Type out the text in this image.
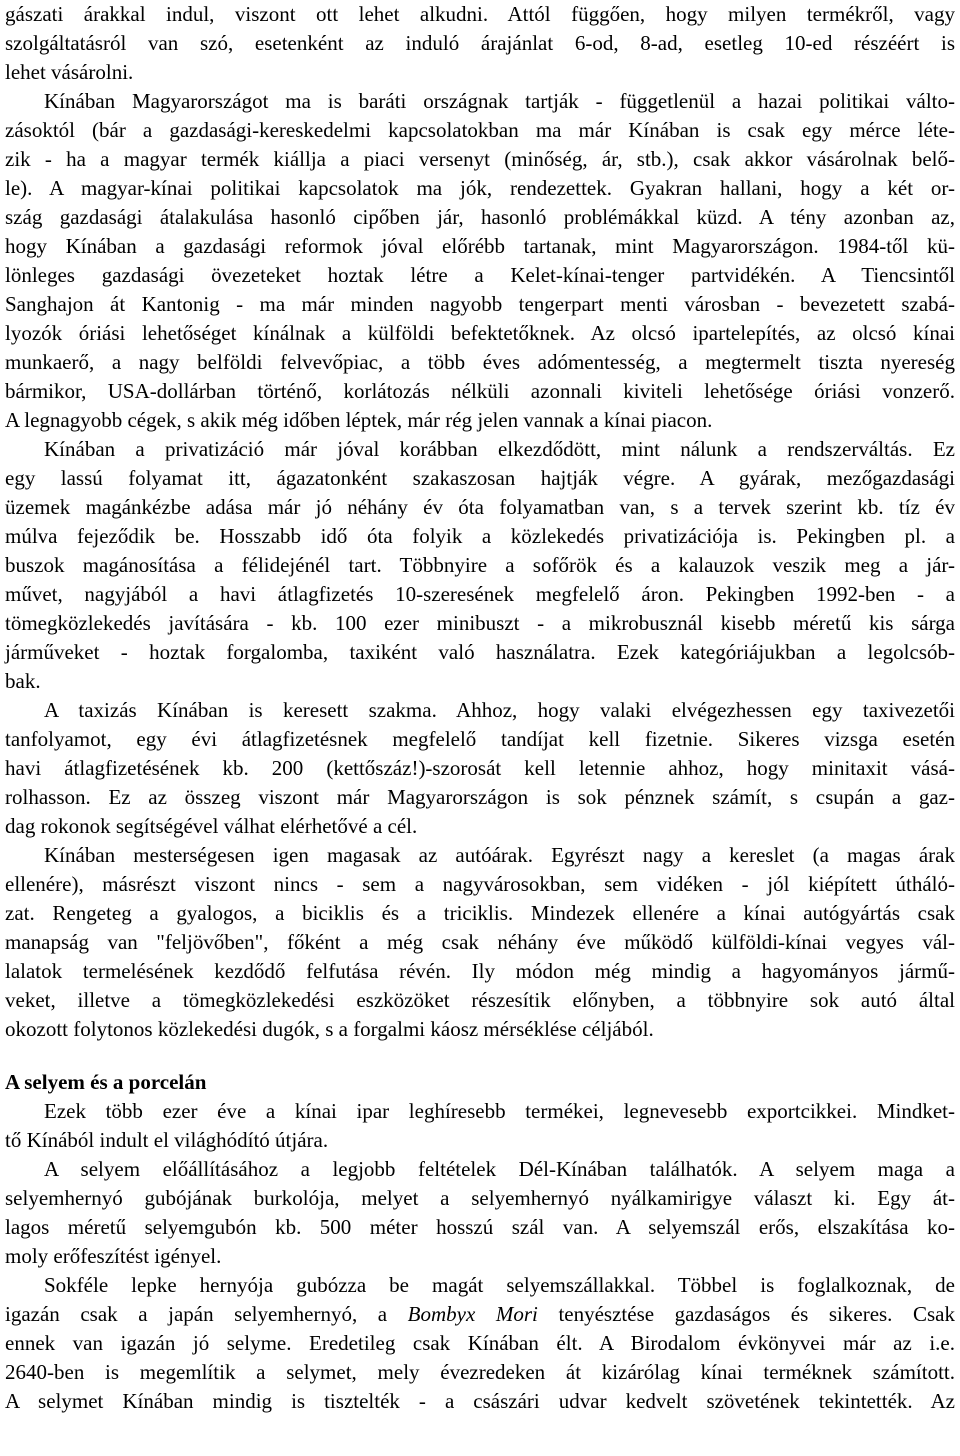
gászati árakkal indul, viszont ott lehet alkudni. Attól függően, hogy milyen termékről, vagy
szolgáltatásról van szó, esetenként az induló árajánlat 6-od, 8-ad, esetleg 10-ed részéért is
lehet vásárolni.
Kínában Magyarországot ma is baráti országnak tartják - függetlenül a hazai politikai válto-
zásoktól (bár a gazdasági-kereskedelmi kapcsolatokban ma már Kínában is csak egy mérce léte-
zik - ha a magyar termék kiállja a piaci versenyt (minőség, ár, stb.), csak akkor vásárolnak belő-
le). A magyar-kínai politikai kapcsolatok ma jók, rendezettek. Gyakran hallani, hogy a két or-
szág gazdasági átalakulása hasonló cipőben jár, hasonló problémákkal küzd. A tény azonban az,
hogy Kínában a gazdasági reformok jóval előrébb tartanak, mint Magyarországon. 1984-től kü-
lönleges gazdasági övezeteket hoztak létre a Kelet-kínai-tenger partvidékén. A Tiencsintől
Sanghajon át Kantonig - ma már minden nagyobb tengerpart menti városban - bevezetett szabá-
lyozók óriási lehetőséget kínálnak a külföldi befektetőknek. Az olcsó ipartelepítés, az olcsó kínai
munkaerő, a nagy belföldi felvevőpiac, a több éves adómentesség, a megtermelt tiszta nyereség
bármikor, USA-dollárban történő, korlátozás nélküli azonnali kiviteli lehetősége óriási vonzerő.
A legnagyobb cégek, s akik még időben léptek, már rég jelen vannak a kínai piacon.
Kínában a privatizáció már jóval korábban elkezdődött, mint nálunk a rendszerváltás. Ez
egy lassú folyamat itt, ágazatonként szakaszosan hajtják végre. A gyárak, mezőgazdasági
üzemek magánkézbe adása már jó néhány év óta folyamatban van, s a tervek szerint kb. tíz év
múlva fejeződik be. Hosszabb idő óta folyik a közlekedés privatizációja is. Pekingben pl. a
buszok magánosítása a félidejénél tart. Többnyire a sofőrök és a kalauzok veszik meg a jár-
művet, nagyjából a havi átlagfizetés 10-szeresének megfelelő áron. Pekingben 1992-ben - a
tömegközlekedés javítására - kb. 100 ezer minibuszt - a mikrobusznál kisebb méretű kis sárga
járműveket - hoztak forgalomba, taxiként való használatra. Ezek kategóriájukban a legolcsób-
bak.
A taxizás Kínában is keresett szakma. Ahhoz, hogy valaki elvégezhessen egy taxivezetői
tanfolyamot, egy évi átlagfizetésnek megfelelő tandíjat kell fizetnie. Sikeres vizsga esetén
havi átlagfizetésének kb. 200 (kettőszáz!)-szorosát kell letennie ahhoz, hogy minitaxit vásá-
rolhasson. Ez az összeg viszont már Magyarországon is sok pénznek számít, s csupán a gaz-
dag rokonok segítségével válhat elérhetővé a cél.
Kínában mesterségesen igen magasak az autóárak. Egyrészt nagy a kereslet (a magas árak
ellenére), másrészt viszont nincs - sem a nagyvárosokban, sem vidéken - jól kiépített úthálό-
zat. Rengeteg a gyalogos, a biciklis és a triciklis. Mindezek ellenére a kínai autógyártás csak
manapság van "feljövőben", főként a még csak néhány éve működő külföldi-kínai vegyes vál-
lalatok termelésének kezdődő felfutása révén. Ily módon még mindig a hagyományos jármű-
veket, illetve a tömegközlekedési eszközöket részesítik előnyben, a többnyire sok autó által
okozott folytonos közlekedési dugók, s a forgalmi káosz mérséklése céljából.
A selyem és a porcelán
Ezek több ezer éve a kínai ipar leghíresebb termékei, legnevesebb exportcikkei. Mindket-
tő Kínából indult el világhódító útjára.
A selyem előállításához a legjobb feltételek Dél-Kínában találhatók. A selyem maga a
selyemhernyó gubójának burkolója, melyet a selyemhernyó nyálkamirigye választ ki. Egy át-
lagos méretű selyemgubón kb. 500 méter hosszú szál van. A selyemszál erős, elszakítása ko-
moly erőfeszítést igényel.
Sokféle lepke hernyója gubózza be magát selyemszállakkal. Többel is foglalkoznak, de
igazán csak a japán selyemhernyó, a Bombyx Mori tenyésztése gazdaságos és sikeres. Csak
ennek van igazán jó selyme. Eredetileg csak Kínában élt. A Birodalom évkönyvei már az i.e.
2640-ben is megemlítik a selymet, mely évezredeken át kizárólag kínai terméknek számított.
A selymet Kínában mindig is tisztelték - a császári udvar kedvelt szövetének tekintették. Az
